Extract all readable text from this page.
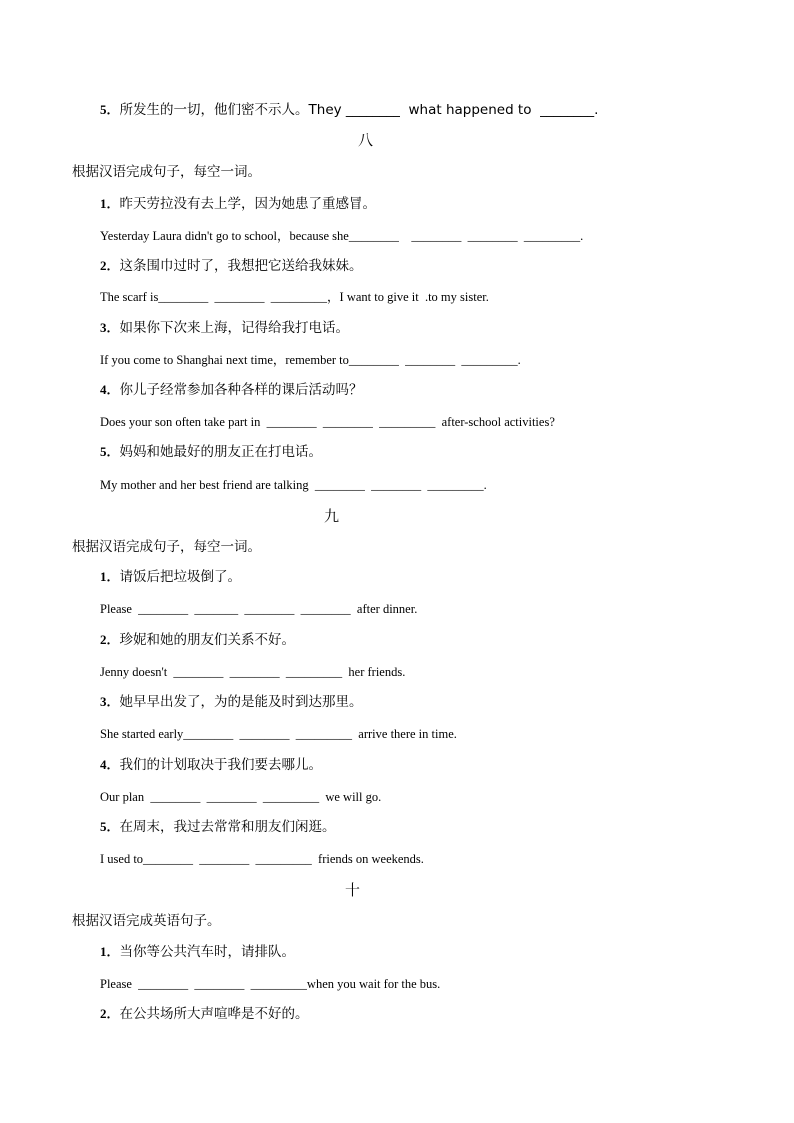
5．所发生的一切，他们密不示人。They ________  what happened to  ________.
八
根据汉语完成句子，每空一词。
1．昨天劳拉没有去上学，因为她患了重感冒。
Yesterday Laura didn't go to school，because she________    ________  ________  _________.
2．这条围巾过时了，我想把它送给我妹妹。
The scarf is________  ________  _________，I want to give it  .to my sister.
3．如果你下次来上海，记得给我打电话。
If you come to Shanghai next time，remember to________  ________  _________.
4．你儿子经常参加各种各样的课后活动吗？
Does your son often take part in  ________  ________  _________  after-school activities?
5．妈妈和她最好的朋友正在打电话。
My mother and her best friend are talking  ________  ________  _________.
九
根据汉语完成句子，每空一词。
1．请饭后把垃圾倒了。
Please  ________  _______  ________  ________  after dinner.
2．珍妮和她的朋友们关系不好。
Jenny doesn't  ________  ________  _________  her friends.
3．她早早出发了，为的是能及时到达那里。
She started early________  ________  _________  arrive there in time.
4．我们的计划取决于我们要去哪儿。
Our plan  ________  ________  _________  we will go.
5．在周末，我过去常常和朋友们闲逛。
I used to________  ________  _________  friends on weekends.
十
根据汉语完成英语句子。
1．当你等公共汽车时，请排队。
Please  ________  ________  _________when you wait for the bus.
2．在公共场所大声喧哗是不好的。
